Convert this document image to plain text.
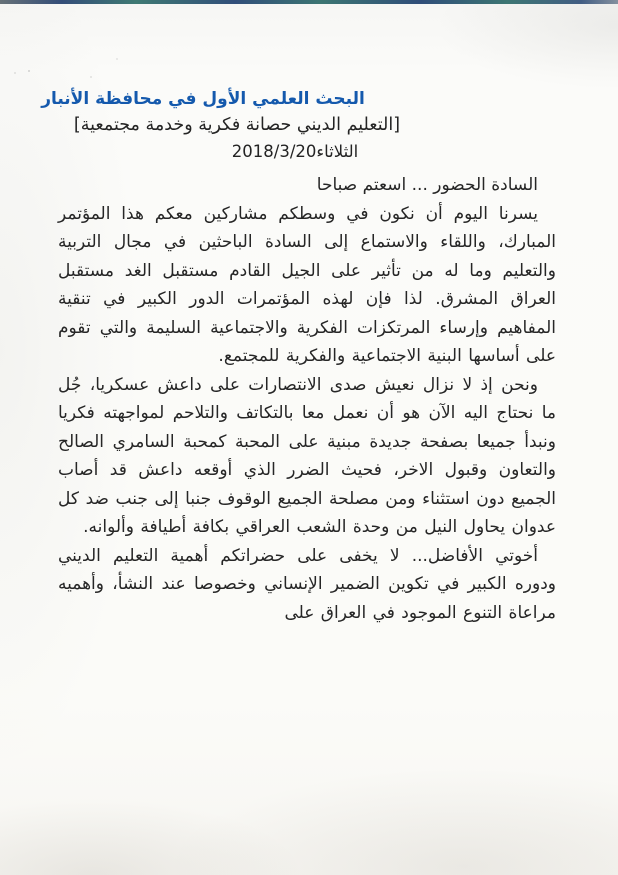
البحث العلمي الأول في محافظة الأنبار
[التعليم الديني حصانة فكرية وخدمة مجتمعية]
الثلاثاء2018/3/20

السادة الحضور ... اسعتم صباحا

يسرنا اليوم أن نكون في وسطكم مشاركين معكم هذا المؤتمر المبارك، واللقاء والاستماع إلى السادة الباحثين في مجال التربية والتعليم وما له من تأثير على الجيل القادم مستقبل الغد مستقبل العراق المشرق. لذا فإن لهذه المؤتمرات الدور الكبير في تنقية المفاهيم وإرساء المرتكزات الفكرية والاجتماعية السليمة والتي تقوم على أساسها البنية الاجتماعية والفكرية للمجتمع.

ونحن إذ لا نزال نعيش صدى الانتصارات على داعش عسكريا، جُل ما نحتاج اليه الآن هو أن نعمل معا بالتكاتف والتلاحم لمواجهته فكريا ونبدأ جميعا بصفحة جديدة مبنية على المحبة كمحبة السامري الصالح والتعاون وقبول الاخر، فحيث الضرر الذي أوقعه داعش قد أصاب الجميع دون استثناء ومن مصلحة الجميع الوقوف جنبا إلى جنب ضد كل عدوان يحاول النيل من وحدة الشعب العراقي بكافة أطيافة وألوانه.

أخوتي الأفاضل... لا يخفى على حضراتكم أهمية التعليم الديني ودوره الكبير في تكوين الضمير الإنساني وخصوصا عند النشأ، وأهميه مراعاة التنوع الموجود في العراق على
